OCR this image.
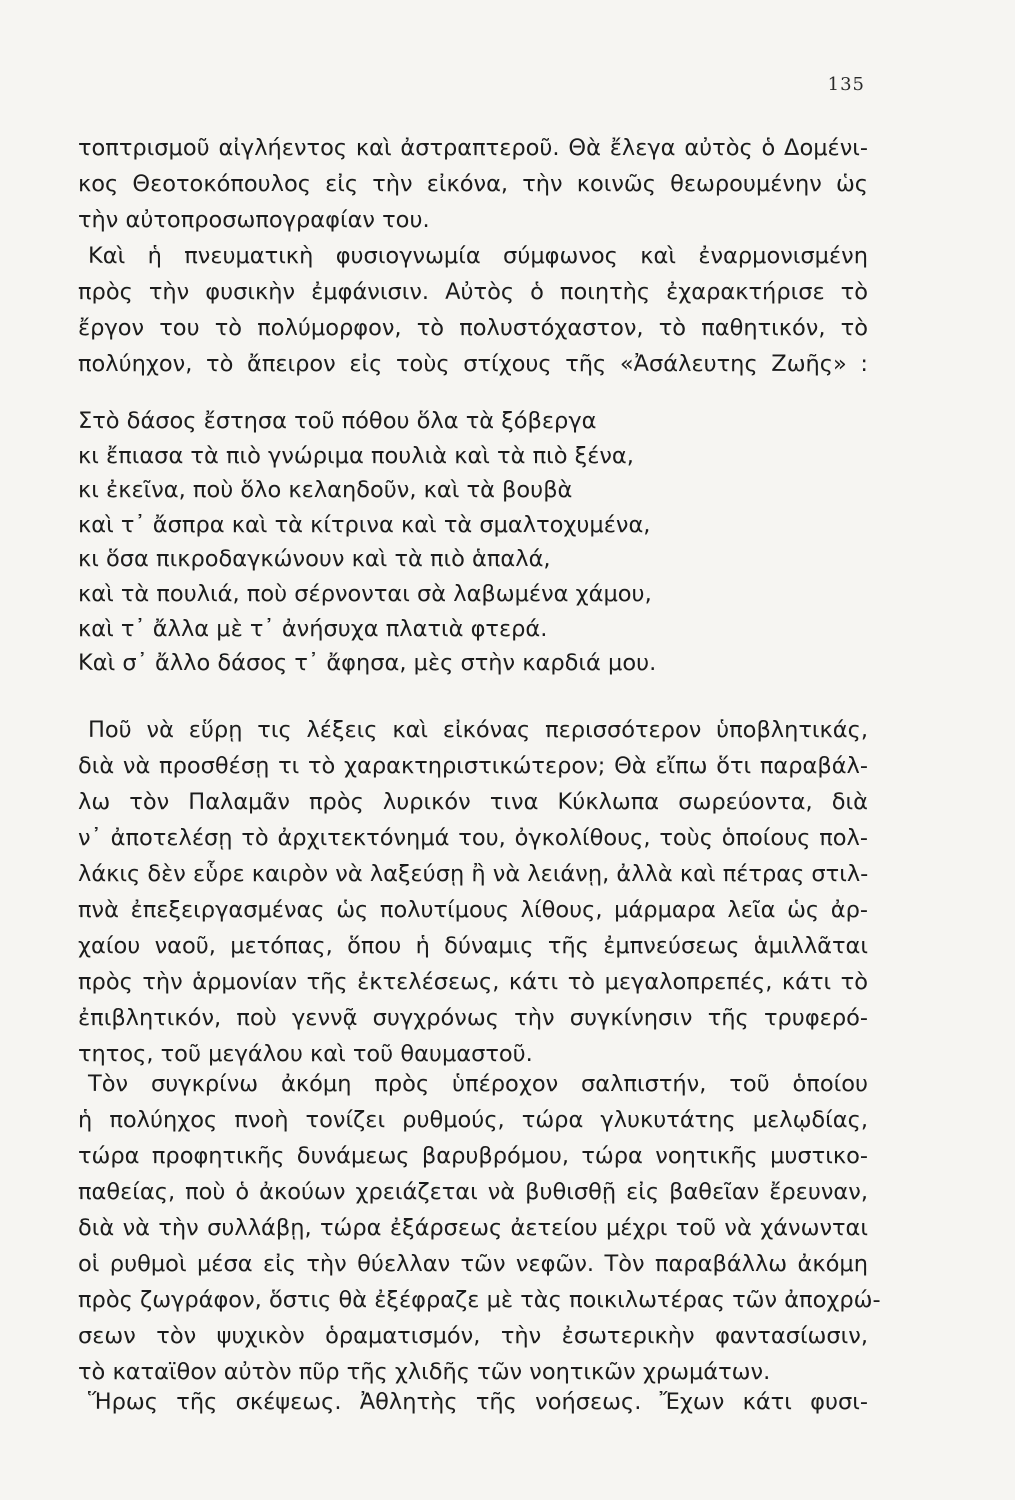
135
τοπτρισμοῦ αἰγλήεντος καὶ ἀστραπτεροῦ. Θὰ ἔλεγα αὐτὸς ὁ Δομένι-
κος Θεοτοκόπουλος εἰς τὴν εἰκόνα, τὴν κοινῶς θεωρουμένην ὡς
τὴν αὐτοπροσωπογραφίαν του.
Καὶ ἡ πνευματικὴ φυσιογνωμία σύμφωνος καὶ ἐναρμονισμένη
πρὸς τὴν φυσικὴν ἐμφάνισιν. Αὐτὸς ὁ ποιητὴς ἐχαρακτήρισε τὸ
ἔργον του τὸ πολύμορφον, τὸ πολυστόχαστον, τὸ παθητικόν, τὸ
πολύηχον, τὸ ἄπειρον εἰς τοὺς στίχους τῆς «Ἀσάλευτης Ζωῆς» :
Στὸ δάσος ἔστησα τοῦ πόθου ὅλα τὰ ξόβεργα
κι ἔπιασα τὰ πιὸ γνώριμα πουλιὰ καὶ τὰ πιὸ ξένα,
κι ἐκεῖνα, ποὺ ὅλο κελαηδοῦν, καὶ τὰ βουβὰ
καὶ τ᾽ ἄσπρα καὶ τὰ κίτρινα καὶ τὰ σμαλτοχυμένα,
κι ὅσα πικροδαγκώνουν καὶ τὰ πιὸ ἁπαλά,
καὶ τὰ πουλιά, ποὺ σέρνονται σὰ λαβωμένα χάμου,
καὶ τ᾽ ἄλλα μὲ τ᾽ ἀνήσυχα πλατιὰ φτερά.
Καὶ σ᾽ ἄλλο δάσος τ᾽ ἄφησα, μὲς στὴν καρδιά μου.
Ποῦ νὰ εὕρῃ τις λέξεις καὶ εἰκόνας περισσότερον ὑποβλητικάς,
διὰ νὰ προσθέσῃ τι τὸ χαρακτηριστικώτερον; Θὰ εἴπω ὅτι παραβάλ-
λω τὸν Παλαμᾶν πρὸς λυρικόν τινα Κύκλωπα σωρεύοντα, διὰ
ν᾽ ἀποτελέσῃ τὸ ἀρχιτεκτόνημά του, ὀγκολίθους, τοὺς ὁποίους πολ-
λάκις δὲν εὗρε καιρὸν νὰ λαξεύσῃ ἢ νὰ λειάνῃ, ἀλλὰ καὶ πέτρας στιλ-
πνὰ ἐπεξειργασμένας ὡς πολυτίμους λίθους, μάρμαρα λεῖα ὡς ἀρ-
χαίου ναοῦ, μετόπας, ὅπου ἡ δύναμις τῆς ἐμπνεύσεως ἁμιλλᾶται
πρὸς τὴν ἁρμονίαν τῆς ἐκτελέσεως, κάτι τὸ μεγαλοπρεπές, κάτι τὸ
ἐπιβλητικόν, ποὺ γεννᾷ συγχρόνως τὴν συγκίνησιν τῆς τρυφερό-
τητος, τοῦ μεγάλου καὶ τοῦ θαυμαστοῦ.
Τὸν συγκρίνω ἀκόμη πρὸς ὑπέροχον σαλπιστήν, τοῦ ὁποίου
ἡ πολύηχος πνοὴ τονίζει ρυθμούς, τώρα γλυκυτάτης μελῳδίας,
τώρα προφητικῆς δυνάμεως βαρυβρόμου, τώρα νοητικῆς μυστικο-
παθείας, ποὺ ὁ ἀκούων χρειάζεται νὰ βυθισθῇ εἰς βαθεῖαν ἔρευναν,
διὰ νὰ τὴν συλλάβῃ, τώρα ἐξάρσεως ἀετείου μέχρι τοῦ νὰ χάνωνται
οἱ ρυθμοὶ μέσα εἰς τὴν θύελλαν τῶν νεφῶν. Τὸν παραβάλλω ἀκόμη
πρὸς ζωγράφον, ὅστις θὰ ἐξέφραζε μὲ τὰς ποικιλωτέρας τῶν ἀποχρώ-
σεων τὸν ψυχικὸν ὁραματισμόν, τὴν ἐσωτερικὴν φαντασίωσιν,
τὸ καταϊθον αὐτὸν πῦρ τῆς χλιδῆς τῶν νοητικῶν χρωμάτων.
Ἥρως τῆς σκέψεως. Ἀθλητὴς τῆς νοήσεως. Ἔχων κάτι φυσι-
